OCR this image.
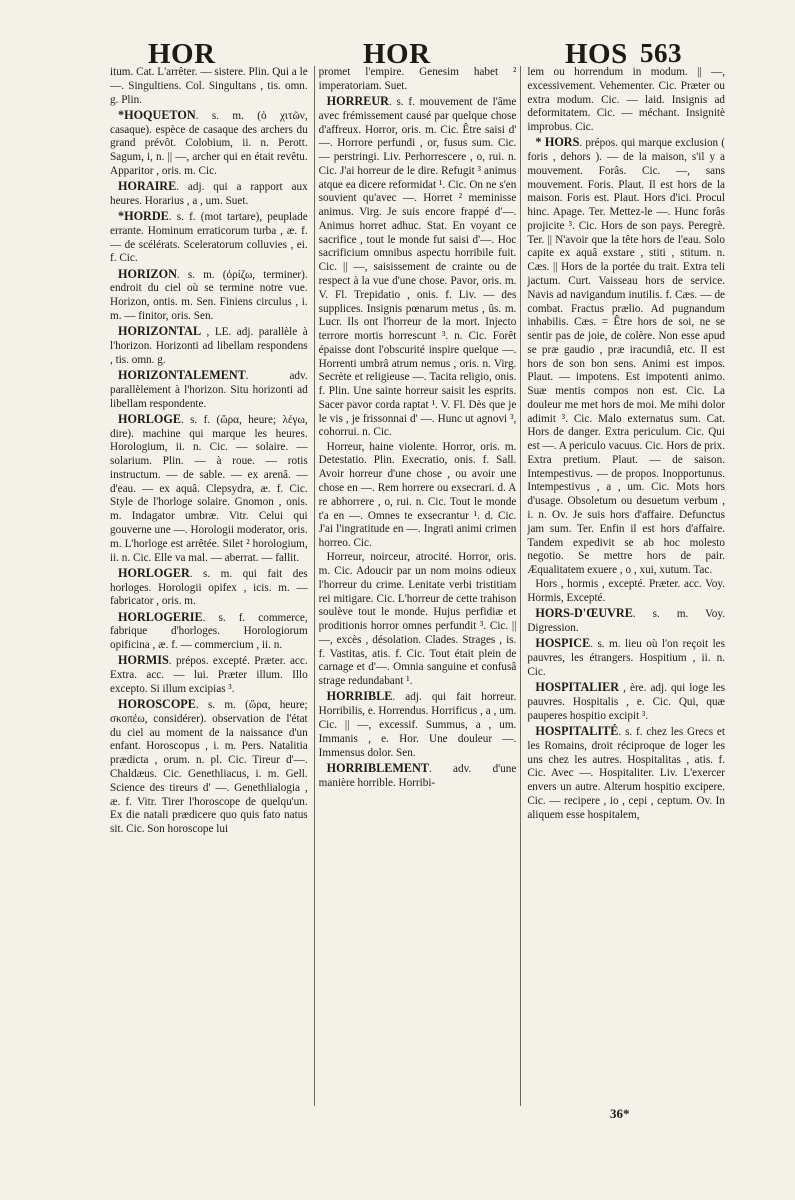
HOR	HOR	HOS 563

itum. Cat. L'arrêter. — sistere. Plin. Qui a le —. Singultiens. Col. Singultans , tis. omn. g. Plin.

*HOQUETON. s. m. (ὁ χιτῶν, casaque). espèce de casaque des archers du grand prévôt. Colobium, ii. n. Perott. Sagum, i, n. || —, archer qui en était revêtu. Apparitor , oris. m. Cic.

HORAIRE. adj. qui a rapport aux heures. Horarius , a , um. Suet.

*HORDE. s. f. (mot tartare), peuplade errante. Hominum erraticorum turba , æ. f. — de scélérats. Sceleratorum colluvies , ei. f. Cic.

HORIZON. s. m. (ὁρίζω, terminer). endroit du ciel où se termine notre vue. Horizon, ontis. m. Sen. Finiens circulus , i. m. — finitor, oris. Sen.

HORIZONTAL , LE. adj. parallèle à l'horizon. Horizonti ad libellam respondens , tis. omn. g.

HORIZONTALEMENT. adv. parallèlement à l'horizon. Situ horizonti ad libellam respondente.

HORLOGE. s. f. (ὥρα, heure; λέγω, dire). machine qui marque les heures. Horologium, ii. n. Cic. — solaire. — solarium. Plin. — à roue. — rotis instructum. — de sable. — ex arenâ. — d'eau. — ex aquâ. Clepsydra, æ. f. Cic. Style de l'horloge solaire. Gnomon , onis. m. Indagator umbræ. Vitr. Celui qui gouverne une —. Horologii moderator, oris. m. L'horloge est arrêtée. Silet ² horologium, ii. n. Cic. Elle va mal. — aberrat. — fallit.

HORLOGER. s. m. qui fait des horloges. Horologii opifex , icis. m. — fabricator , oris. m.

HORLOGERIE. s. f. commerce, fabrique d'horloges. Horologiorum opificina , æ. f. — commercium , ii. n.

HORMIS. prépos. excepté. Præter. acc. Extra. acc. — lui. Præter illum. Illo excepto. Si illum excipias ³.

HOROSCOPE. s. m. (ὥρα, heure; σκοπέω, considérer). observation de l'état du ciel au moment de la naissance d'un enfant. Horoscopus , i. m. Pers. Natalitia prædicta , orum. n. pl. Cic. Tireur d'—. Chaldæus. Cic. Genethliacus, i. m. Gell. Science des tireurs d' —. Genethlialogia , æ. f. Vitr. Tirer l'horoscope de quelqu'un. Ex die natali prædicere quo quis fato natus sit. Cic. Son horoscope lui

promet l'empire. Genesim habet ² imperatoriam. Suet.

HORREUR. s. f. mouvement de l'âme avec frémissement causé par quelque chose d'affreux. Horror, oris. m. Cic. Être saisi d' —. Horrore perfundi , or, fusus sum. Cic. — perstringi. Liv. Perhorrescere , o, rui. n. Cic. J'ai horreur de le dire. Refugit ³ animus atque ea dicere reformidat ¹. Cic. On ne s'en souvient qu'avec —. Horret ² meminisse animus. Virg. Je suis encore frappé d'—. Animus horret adhuc. Stat. En voyant ce sacrifice , tout le monde fut saisi d'—. Hoc sacrificium omnibus aspectu horribile fuit. Cic. || —, saisissement de crainte ou de respect à la vue d'une chose. Pavor, oris. m. V. Fl. Trepidatio , onis. f. Liv. — des supplices. Insignis pœnarum metus , ûs. m. Lucr. Ils ont l'horreur de la mort. Injecto terrore mortis horrescunt ³. n. Cic. Forêt épaisse dont l'obscurité inspire quelque —. Horrenti umbrâ atrum nemus , oris. n. Virg. Secrète et religieuse —. Tacita religio, onis. f. Plin. Une sainte horreur saisit les esprits. Sacer pavor corda raptat ¹. V. Fl. Dès que je le vis , je frissonnai d' —. Hunc ut agnovi ³, cohorrui. n. Cic.

Horreur, haine violente. Horror, oris. m. Detestatio. Plin. Execratio, onis. f. Sall. Avoir horreur d'une chose , ou avoir une chose en —. Rem horrere ou exsecrari. d. A re abhorrere , o, rui. n. Cic. Tout le monde t'a en —. Omnes te exsecrantur ¹. d. Cic. J'ai l'ingratitude en —. Ingrati animi crimen horreo. Cic.

Horreur, noirceur, atrocité. Horror, oris. m. Cic. Adoucir par un nom moins odieux l'horreur du crime. Lenitate verbi tristitiam rei mitigare. Cic. L'horreur de cette trahison soulève tout le monde. Hujus perfidiæ et proditionis horror omnes perfundit ³. Cic. || —, excès , désolation. Clades. Strages , is. f. Vastitas, atis. f. Cic. Tout était plein de carnage et d'—. Omnia sanguine et confusâ strage redundabant ¹.

HORRIBLE. adj. qui fait horreur. Horribilis, e. Horrendus. Horrificus , a , um. Cic. || —, excessif. Summus, a , um. Immanis , e. Hor. Une douleur —. Immensus dolor. Sen.

HORRIBLEMENT. adv. d'une manière horrible. Horribi-

lem ou horrendum in modum. || —, excessivement. Vehementer. Cic. Præter ou extra modum. Cic. — laid. Insignis ad deformitatem. Cic. — méchant. Insignitè improbus. Cic.

* HORS. prépos. qui marque exclusion ( foris , dehors ). — de la maison, s'il y a mouvement. Forâs. Cic. —, sans mouvement. Foris. Plaut. Il est hors de la maison. Foris est. Plaut. Hors d'ici. Procul hinc. Apage. Ter. Mettez-le —. Hunc forâs projicite ³. Cic. Hors de son pays. Peregrè. Ter. || N'avoir que la tête hors de l'eau. Solo capite ex aquâ exstare , stiti , stitum. n. Cæs. || Hors de la portée du trait. Extra teli jactum. Curt. Vaisseau hors de service. Navis ad navigandum inutilis. f. Cæs. — de combat. Fractus prælio. Ad pugnandum inhabilis. Cæs. = Être hors de soi, ne se sentir pas de joie, de colère. Non esse apud se præ gaudio , præ iracundiâ, etc. Il est hors de son bon sens. Animi est impos. Plaut. — impotens. Est impotenti animo. Suæ mentis compos non est. Cic. La douleur me met hors de moi. Me mihi dolor adimit ³. Cic. Malo externatus sum. Cat. Hors de danger. Extra periculum. Cic. Qui est —. A periculo vacuus. Cic. Hors de prix. Extra pretium. Plaut. — de saison. Intempestivus. — de propos. Inopportunus. Intempestivus , a , um. Cic. Mots hors d'usage. Obsoletum ou desuetum verbum , i. n. Ov. Je suis hors d'affaire. Defunctus jam sum. Ter. Enfin il est hors d'affaire. Tandem expedivit se ab hoc molesto negotio. Se mettre hors de pair. Æqualitatem exuere , o , xui, xutum. Tac.

Hors , hormis , excepté. Præter. acc. Voy. Hormis, Excepté.

HORS-D'ŒUVRE. s. m. Voy. Digression.

HOSPICE. s. m. lieu où l'on reçoit les pauvres, les étrangers. Hospitium , ii. n. Cic.

HOSPITALIER , ère. adj. qui loge les pauvres. Hospitalis , e. Cic. Qui, quæ pauperes hospitio excipit ³.

HOSPITALITÉ. s. f. chez les Grecs et les Romains, droit réciproque de loger les uns chez les autres. Hospitalitas , atis. f. Cic. Avec —. Hospitaliter. Liv. L'exercer envers un autre. Alterum hospitio excipere. Cic. — recipere , io , cepi , ceptum. Ov. In aliquem esse hospitalem,

36*
